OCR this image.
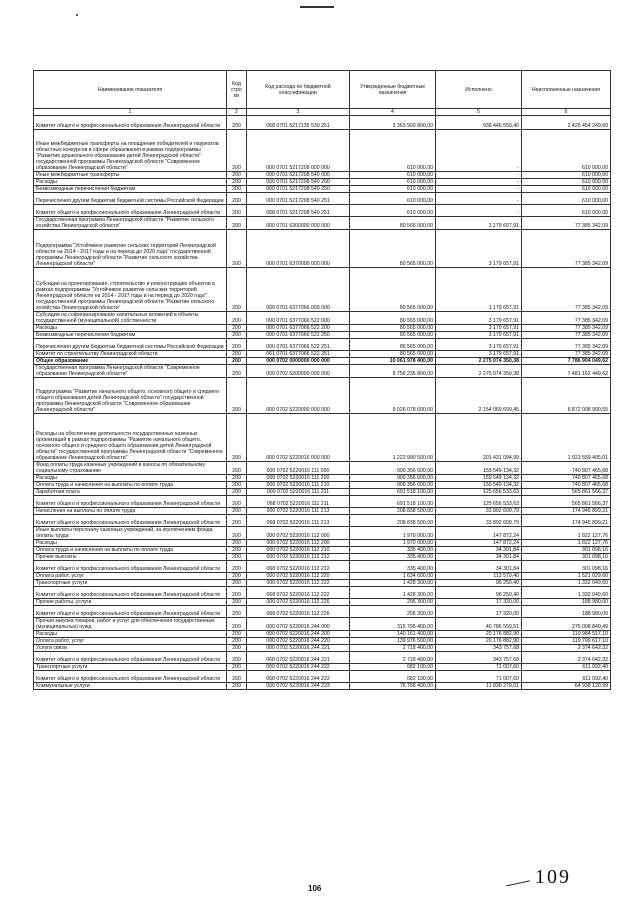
Наименование показателя	Код стро ки	Код расхода по бюджетной классификации	Утвержденные бюджетные назначения	Исполнено	Неисполненные назначения
1	2	3	4	5	6
Комитет общего и профессионального образования Ленинградской области	200	068 0701 5217135 530 251	3 363 900 800,00	938 446 550,40	2 425 454 249,60
Иные межбюджетные трансферты на поощрение победителей и лауреатов областных конкурсов в сфере образования в рамках подпрограммы "Развитие дошкольного образования детей Ленинградской области" государственной программы Ленинградской области "Современное образование Ленинградской области"	200	000 0701 5217208 000 000	610 000,00	-	610 000,00
Иные межбюджетные трансферты	200	000 0701 5217208 540 000	610 000,00	-	610 000,00
Расходы	200	000 0701 5217208 540 200	610 000,00	-	610 000,00
Безвозмездные перечисления бюджетам	200	000 0701 5217208 540 250	610 000,00	-	610 000,00
Перечисления другим бюджетам бюджетной системы Российской Федерации	200	000 0701 5217208 540 251	610 000,00	-	610 000,00
Комитет общего и профессионального образования Ленинградской области	200	068 0701 5217208 540 251	610 000,00	-	610 000,00
Государственная программа Ленинградской области "Развитие сельского хозяйства Ленинградской области"	200	000 0701 6300000 000 000	80 565 000,00	3 179 657,91	77 385 342,09
Подпрограмма "Устойчивое развитие сельских территорий Ленинградской области на 2014 - 2017 годы и на период до 2020 года" государственной программы Ленинградской области "Развитие сельского хозяйства Ленинградской области"	200	000 0701 6370000 000 000	80 565 000,00	3 179 657,91	77 385 342,09
Субсидии на проектирование, строительство и реконструкцию объектов в рамках подпрограммы "Устойчивое развитие сельских территорий Ленинградской области на 2014 - 2017 годы и на период до 2020 года" государственной программы Ленинградской области "Развитие сельского хозяйства Ленинградской области"	200	000 0701 6377066 000 000	80 565 000,00	3 179 657,91	77 385 342,09
Субсидии на софинансирование капитальных вложений в объекты государственной (муниципальной) собственности	200	000 0701 6377066 522 000	80 565 000,00	3 179 657,91	77 385 342,09
Расходы	200	000 0701 6377066 522 200	80 565 000,00	3 179 657,91	77 385 342,09
Безвозмездные перечисления бюджетам	200	000 0701 6377066 522 250	80 565 000,00	3 179 657,91	77 385 342,09
Перечисления другим бюджетам бюджетной системы Российской Федерации	200	000 0701 6377066 522 251	80 565 000,00	3 179 657,91	77 385 342,09
Комитет по строительству Ленинградской области	200	061 0701 6377066 522 251	80 565 000,00	3 179 657,91	77 385 342,09
Общее образование	200	000 0702 0000000 000 000	10 061 978 400,00	2 275 074 350,38	7 786 904 049,62
Государственная программа Ленинградской области "Современное образование Ленинградской области"	200	000 0702 5200000 000 000	9 756 236 800,00	2 275 074 350,38	7 481 162 449,62
Подпрограмма "Развитие начального общего, основного общего и среднего общего образования детей Ленинградской области" государственной программы Ленинградской области "Современное образование Ленинградской области"	200	000 0702 5220000 000 000	9 026 078 600,00	2 154 069 699,45	6 872 008 900,55
Расходы на обеспечение деятельности государственных казенных организаций в рамках подпрограммы "Развитие начального общего, основного общего и среднего общего образования детей Ленинградской области" государственной программы Ленинградской области "Современное образование Ленинградской области"	200	000 0702 5220016 000 000	1 222 990 500,00	201 431 094,99	1 021 559 405,01
Фонд оплаты труда казенных учреждений и взносы по обязательному социальному страхованию	200	000 0702 5220016 111 000	900 356 600,00	159 549 134,32	740 807 465,68
Расходы	200	000 0702 5220016 111 200	900 356 600,00	159 549 134,32	740 807 465,68
Оплата труда и начисления на выплаты по оплате труда	200	000 0702 5220016 111 210	900 356 600,00	159 549 134,32	740 807 465,68
Заработная плата	200	000 0702 5220016 111 211	691 518 100,00	125 656 533,63	565 861 566,37
Комитет общего и профессионального образования Ленинградской области	200	068 0702 5220016 111 211	691 518 100,00	125 656 533,63	565 861 566,37
Начисления на выплаты по оплате труда	200	000 0702 5220016 111 213	208 838 500,00	33 892 600,79	174 945 899,21
Комитет общего и профессионального образования Ленинградской области	200	068 0702 5220016 111 213	208 838 500,00	33 892 600,79	174 945 899,21
Иные выплаты персоналу казенных учреждений, за исключением фонда оплаты труда	200	000 0702 5220016 112 000	1 970 000,00	147 872,24	1 822 127,76
Расходы	200	000 0702 5220016 112 200	1 970 000,00	147 872,24	1 822 127,76
Оплата труда и начисления на выплаты по оплате труда	200	000 0702 5220016 112 210	335 400,00	34 301,84	301 098,16
Прочие выплаты	200	000 0702 5220016 112 212	335 400,00	34 301,84	301 098,16
Комитет общего и профессионального образования Ленинградской области	200	068 0702 5220016 112 212	335 400,00	34 301,84	301 098,16
Оплата работ, услуг	200	000 0702 5220016 112 220	1 634 600,00	113 570,40	1 521 029,60
Транспортные услуги	200	000 0702 5220016 112 222	1 428 300,00	96 250,40	1 332 049,60
Комитет общего и профессионального образования Ленинградской области	200	068 0702 5220016 112 222	1 428 300,00	96 250,40	1 332 049,60
Прочие работы, услуги	200	000 0702 5220016 112 226	206 300,00	17 320,00	188 980,00
Комитет общего и профессионального образования Ленинградской области	200	068 0702 5220016 112 226	206 300,00	17 320,00	188 980,00
Прочая закупка товаров, работ и услуг для обеспечения государственных (муниципальных) нужд	200	000 0702 5220016 244 000	315 795 400,00	40 786 559,51	275 008 840,49
Расходы	200	000 0702 5220016 244 200	140 161 400,00	20 176 882,90	119 984 517,10
Оплата работ, услуг	200	000 0702 5220016 244 220	139 976 500,00	20 176 882,90	119 799 617,10
Услуги связи	200	000 0702 5220016 244 221	2 718 400,00	343 757,68	2 374 642,32
Комитет общего и профессионального образования Ленинградской области	200	068 0702 5220016 244 221	2 718 400,00	343 757,68	2 374 642,32
Транспортные услуги	200	000 0702 5220016 244 222	682 100,00	71 007,60	611 092,40
Комитет общего и профессионального образования Ленинградской области	200	068 0702 5220016 244 222	682 100,00	71 007,60	611 092,40
Коммунальные услуги	200	000 0702 5220016 244 223	76 768 400,00	11 830 279,01	64 938 120,99
106
109
